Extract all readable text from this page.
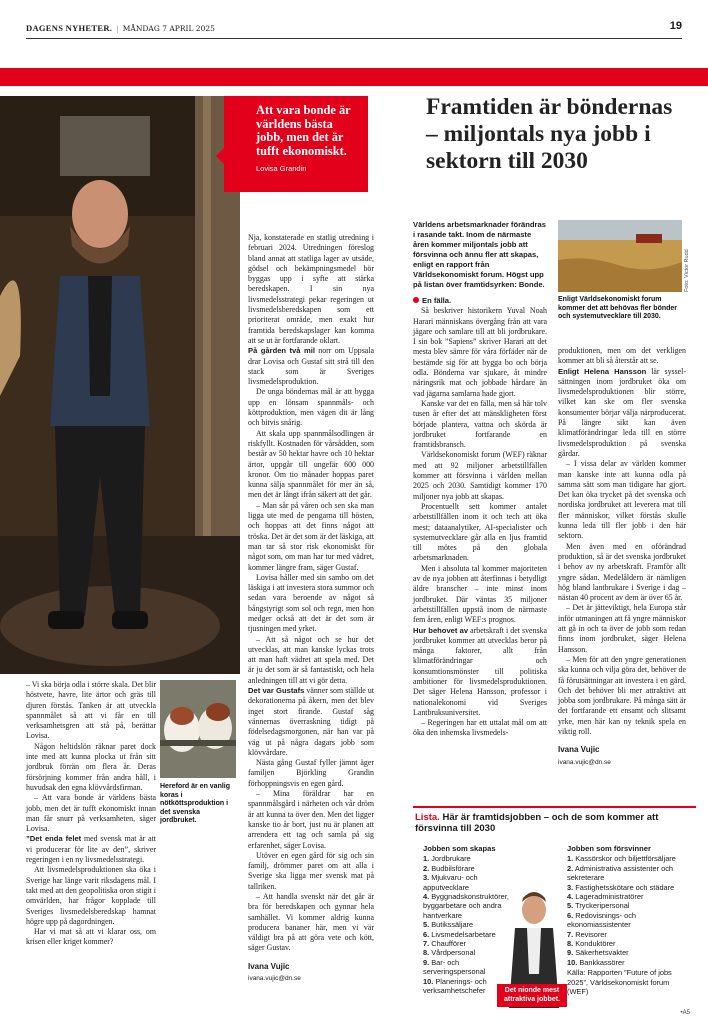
DAGENS NYHETER. | MÅNDAG 7 APRIL 2025	19
Att vara bonde är världens bästa jobb, men det är tufft ekonomiskt.
Lovisa Grandin
Framtiden är böndernas – miljontals nya jobb i sektorn till 2030

– Vi ska börja odla i större skala. Det blir höstvete, havre, lite ärtor och gräs till djuren förstås. Tanken är att utveckla spannmålet så att vi får en till verksamhetsgren att stå på, berättar Lovisa.

Någon heltidslön räknar paret dock inte med att kunna plocka ut från sitt jordbruk förrän om flera år. Deras försörjning kommer från andra håll, i huvudsak den egna klövvårdsfirman.

– Att vara bonde är världens bästa jobb, men det är tufft ekonomiskt innan man får snurr på verksamheten, säger Lovisa.

”Det enda felet med svensk mat är att vi producerar för lite av den”, skriver regeringen i en ny livsmedelsstrategi.

Att livsmedelsproduktionen ska öka i Sverige har länge varit riksdagens mål. I takt med att den geopolitiska oron stigit i omvärlden, har frågor kopplade till Sveriges livsmedelsberedskap hamnat högre upp på dagordningen.

Har vi mat så att vi klarar oss, om krisen eller kriget kommer?

Hereford är en vanlig koras i nötköttsproduktion i det svenska jordbruket.

Nja, konstaterade en statlig utredning i februari 2024. Utredningen föreslog bland annat att statliga lager av utsäde, gödsel och bekämpningsmedel bör byggas upp i syfte att stärka beredskapen. I sin nya livsmedelsstrategi pekar regeringen ut livsmedelsberedskapen som ett prioriterat område, men exakt hur framtida beredskapslager kan komma att se ut är fortfarande oklart.

På gården två mil norr om Uppsala drar Lovisa och Gustaf sitt strå till den stack som är Sveriges livsmedelsproduktion.

De unga böndernas mål är att bygga upp en lönsam spannmåls- och köttproduktion, men vägen dit är lång och bitvis snårig.

Att skala upp spannmålsodlingen är riskfyllt. Kostnaden för vårsådden, som består av 50 hektar havre och 10 hektar ärtor, uppgår till ungefär 600 000 kronor. Om tio månader hoppas paret kunna sälja spannmålet för mer än så, men det är långt ifrån säkert att det går.

– Man sår på våren och sen ska man ligga ute med de pengarna till hösten, och hoppas att det finns något att tröska. Det är det som är det läskiga, att man tar så stor risk ekonomiskt för något som, om man har tur med vädret, kommer längre fram, säger Gustaf.

Lovisa håller med sin sambo om det läskiga i att investera stora summor och sedan vara beroende av något så bångstyrigt som sol och regn, men hon medger också att det är det som är tjusningen med yrket.

– Att så något och se hur det utvecklas, att man kanske lyckas trots att man haft vädret att spela med. Det är ju det som är så fantastiskt, och hela anledningen till att vi gör detta.

Det var Gustafs vänner som ställde ut dekorationerna på åkern, men det blev inget stort firande. Gustaf såg vännernas överraskning tidigt på födelsedagsmorgonen, när han var på väg ut på några dagars jobb som klövvårdare.

Nästa gång Gustaf fyller jämnt äger familjen Björkling Grandin förhoppningsvis en egen gård.

– Mina föräldrar har en spannmålsgård i närheten och vår dröm är att kunna ta över den. Men det ligger kanske tio år bort, just nu är planen att arrendera ett tag och samla på sig erfarenhet, säger Lovisa.

Utöver en egen gård för sig och sin familj, drömmer paret om att alla i Sverige ska ligga mer svensk mat på tallriken.

– Att handla svenskt när det går är bra för beredskapen och gynnar hela samhället. Vi kommer aldrig kunna producera bananer här, men vi vär väldigt bra på att göra vete och kött, säger Gustav.

Ivana Vujic
ivana.vujic@dn.se
Världens arbetsmarknader förändras i rasande takt. Inom de närmaste åren kommer miljontals jobb att försvinna och ännu fler att skapas, enligt en rapport från Världsekonomiskt forum. Högst upp på listan över framtidsyrken: Bonde.

En fälla.

Så beskriver historikern Yuval Noah Harari människans övergång från att vara jägare och samlare till att bli jordbrukare. I sin bok ”Sapiens” skriver Harari att det mesta blev sämre för våra förfäder när de bestämde sig för att bygga bo och börja odla. Bönderna var sjukare, åt mindre näringsrik mat och jobbade hårdare än vad jägarna samlarna hade gjort.

Kanske var det en fälla, men så här tolv tusen år efter det att mänskligheten först började plantera, vattna och skörda är jordbruket fortfarande en framtidsbransch.

Världsekonomiskt forum (WEF) räknar med att 92 miljoner arbetstillfällen kommer att försvinna i världen mellan 2025 och 2030. Samtidigt kommer 170 miljoner nya jobb att skapas.

Procentuellt sett kommer antalet arbetstillfällen inom it och tech att öka mest; dataanalytiker, AI-specialister och systemutvecklare går alla en ljus framtid till mötes på den globala arbetsmarknaden.

Men i absoluta tal kommer majoriteten av de nya jobben att återfinnas i betydligt äldre branscher – inte minst inom jordbruket. Där väntas 35 miljoner arbetstillfällen uppstå inom de närmaste fem åren, enligt WEF:s prognos.

Hur behovet av arbetskraft i det svenska jordbruket kommer att utvecklas beror på många faktorer, allt från klimatförändringar och konsumtionsmönster till politiska ambitioner för livsmedelsproduktionen. Det säger Helena Hansson, professor i nationalekonomi vid Sveriges Lantbruksuniversitet.

– Regeringen har ett uttalat mål om att öka den inhemska livsmedels-

Foto: Victor Rudd
Enligt Världsekonomiskt forum kommer det att behövas fler bönder och systemutvecklare till 2030.

produktionen, men om det verkligen kommer att bli så återstår att se.

Enligt Helena Hansson lär sysselsättningen inom jordbruket öka om livsmedelsproduktionen blir större, vilket kan ske om fler svenska konsumenter börjar välja närproducerat. På längre sikt kan även klimatförändringar leda till en större livsmedelsproduktion på svenska gårdar.

– I vissa delar av världen kommer man kanske inte att kunna odla på samma sätt som man tidigare har gjort. Det kan öka trycket på det svenska och nordiska jordbruket att leverera mat till fler människor, vilket förstås skulle kunna leda till fler jobb i den här sektorn.

Men även med en oförändrad produktion, så är det svenska jordbruket i behov av ny arbetskraft. Framför allt yngre sådan. Medelåldern är nämligen hög bland lantbrukare i Sverige i dag – nästan 40 procent av dem är över 65 år.

– Det är jätteviktigt, hela Europa står inför utmaningen att få yngre människor att gå in och ta över de jobb som redan finns inom jordbruket, säger Helena Hansson.

– Men för att den yngre generationen ska kunna och vilja göra det, behöver de få förutsättningar att investera i en gård. Och det behöver bli mer attraktivt att jobba som jordbrukare. På många sätt är det fortfarande ett ensamt och slitsamt yrke, men här kan ny teknik spela en viktig roll.

Ivana Vujic
ivana.vujic@dn.se
Lista. Här är framtidsjobben – och de som kommer att försvinna till 2030
Jobben som skapas
1. Jordbrukare
2. Budbilsförare
3. Mjukvaru- och apputvecklare
4. Byggnadskonstruktörer, byggarbetare och andra hantverkare
5. Butikssäljare
6. Livsmedelsarbetare
7. Chaufförer
8. Vårdpersonal
9. Bar- och serveringspersonal
10. Planerings- och verksamhetschefer	Det nionde mest attraktiva jobbet.
Jobben som försvinner
1. Kassörskor och biljettförsäljare
2. Administrativa assistenter och sekreterare
3. Fastighetsskötare och städare
4. Lageradministratörer
5. Tryckeripersonal
6. Redovisnings- och ekonomiassistenter
7. Revisorer
8. Konduktörer
9. Säkerhetsvakter
10. Bankkassörer
Källa: Rapporten ”Future of jobs 2025”, Världsekonomiskt forum (WEF)
•A5
